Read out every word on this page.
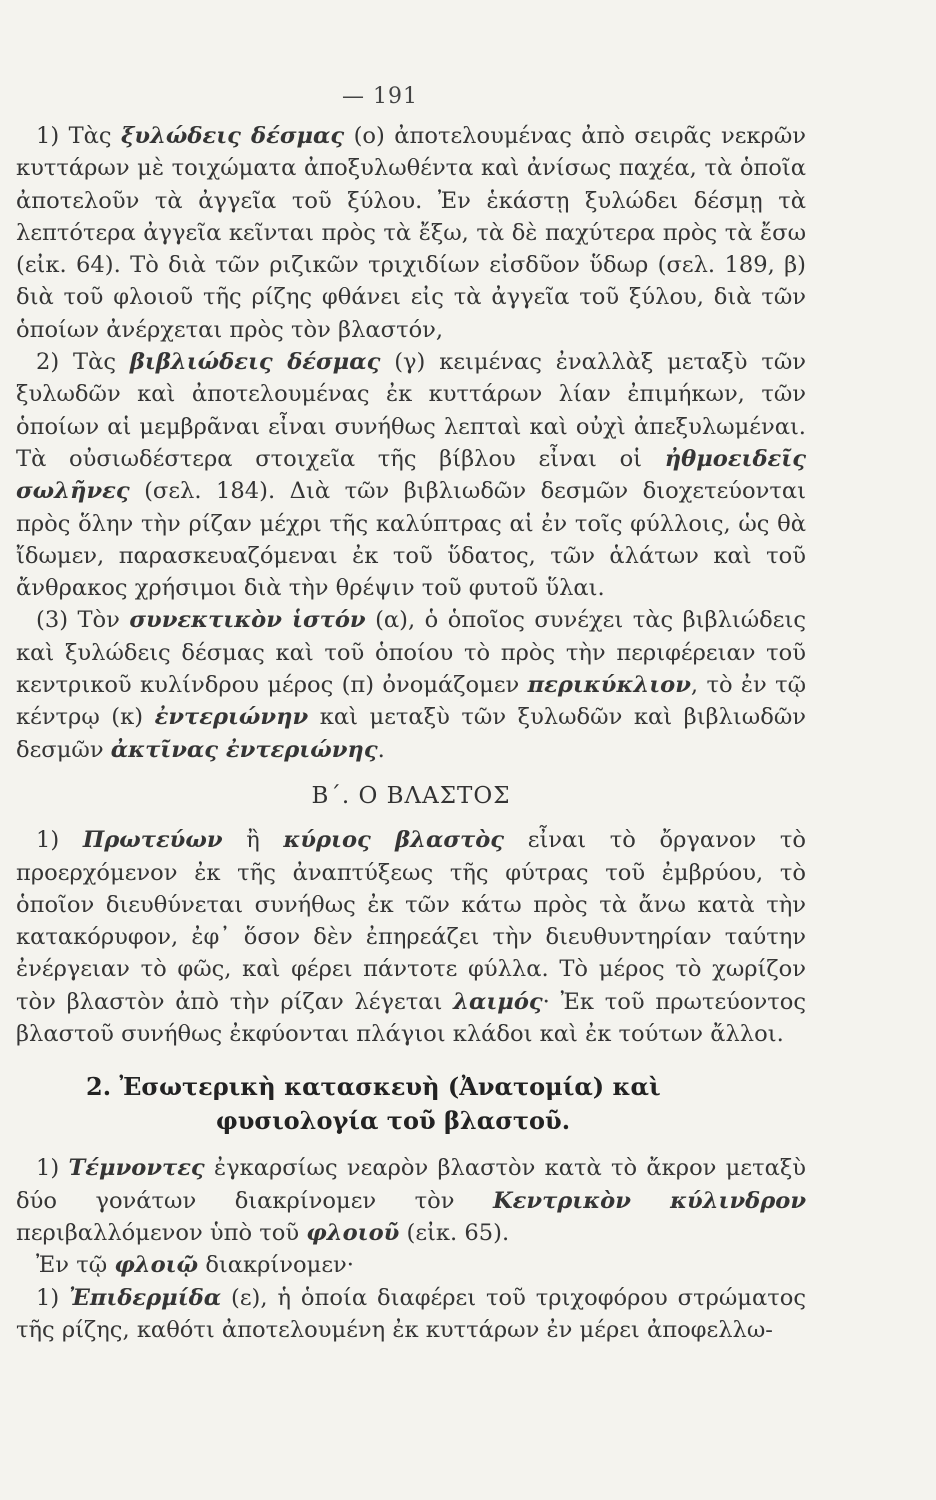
— 191

1) Τὰς ξυλώδεις δέσμας (ο) ἀποτελουμένας ἀπὸ σειρᾶς νεκρῶν κυττάρων μὲ τοιχώματα ἀποξυλωθέντα καὶ ἀνίσως παχέα, τὰ ὁποῖα ἀποτελοῦν τὰ ἀγγεῖα τοῦ ξύλου. Ἐν ἑκάστῃ ξυλώδει δέσμῃ τὰ λεπτότερα ἀγγεῖα κεῖνται πρὸς τὰ ἔξω, τὰ δὲ παχύτερα πρὸς τὰ ἔσω (εἰκ. 64). Τὸ διὰ τῶν ριζικῶν τριχιδίων εἰσδῦον ὕδωρ (σελ. 189, β) διὰ τοῦ φλοιοῦ τῆς ρίζης φθάνει εἰς τὰ ἀγγεῖα τοῦ ξύλου, διὰ τῶν ὁποίων ἀνέρχεται πρὸς τὸν βλαστόν,

2) Τὰς βιβλιώδεις δέσμας (γ) κειμένας ἐναλλὰξ μεταξὺ τῶν ξυλωδῶν καὶ ἀποτελουμένας ἐκ κυττάρων λίαν ἐπιμήκων, τῶν ὁποίων αἱ μεμβρᾶναι εἶναι συνήθως λεπταὶ καὶ οὐχὶ ἀπεξυλωμέναι. Τὰ οὐσιωδέστερα στοιχεῖα τῆς βίβλου εἶναι οἱ ἠθμοειδεῖς σωλῆνες (σελ. 184). Διὰ τῶν βιβλιωδῶν δεσμῶν διοχετεύονται πρὸς ὅλην τὴν ρίζαν μέχρι τῆς καλύπτρας αἱ ἐν τοῖς φύλλοις, ὡς θὰ ἴδωμεν, παρασκευαζόμεναι ἐκ τοῦ ὕδατος, τῶν ἁλάτων καὶ τοῦ ἄνθρακος χρήσιμοι διὰ τὴν θρέψιν τοῦ φυτοῦ ὕλαι.

(3) Τὸν συνεκτικὸν ἱστόν (α), ὁ ὁποῖος συνέχει τὰς βιβλιώδεις καὶ ξυλώδεις δέσμας καὶ τοῦ ὁποίου τὸ πρὸς τὴν περιφέρειαν τοῦ κεντρικοῦ κυλίνδρου μέρος (π) ὀνομάζομεν περικύκλιον, τὸ ἐν τῷ κέντρῳ (κ) ἐντεριώνην καὶ μεταξὺ τῶν ξυλωδῶν καὶ βιβλιωδῶν δεσμῶν ἀκτῖνας ἐντεριώνης.

Β΄. Ο ΒΛΑΣΤΟΣ

1) Πρωτεύων ἢ κύριος βλαστὸς εἶναι τὸ ὄργανον τὸ προερχόμενον ἐκ τῆς ἀναπτύξεως τῆς φύτρας τοῦ ἐμβρύου, τὸ ὁποῖον διευθύνεται συνήθως ἐκ τῶν κάτω πρὸς τὰ ἄνω κατὰ τὴν κατακόρυφον, ἐφ᾽ ὅσον δὲν ἐπηρεάζει τὴν διευθυντηρίαν ταύτην ἐνέργειαν τὸ φῶς, καὶ φέρει πάντοτε φύλλα. Τὸ μέρος τὸ χωρίζον τὸν βλαστὸν ἀπὸ τὴν ρίζαν λέγεται λαιμός· Ἐκ τοῦ πρωτεύοντος βλαστοῦ συνήθως ἐκφύονται πλάγιοι κλάδοι καὶ ἐκ τούτων ἄλλοι.

2. Ἐσωτερικὴ κατασκευὴ (Ἀνατομία) καὶ
φυσιολογία τοῦ βλαστοῦ.

1) Τέμνοντες ἐγκαρσίως νεαρὸν βλαστὸν κατὰ τὸ ἄκρον μεταξὺ δύο γονάτων διακρίνομεν τὸν Κεντρικὸν κύλινδρον περιβαλλόμενον ὑπὸ τοῦ φλοιοῦ (εἰκ. 65).

Ἐν τῷ φλοιῷ διακρίνομεν·

1) Ἐπιδερμίδα (ε), ἡ ὁποία διαφέρει τοῦ τριχοφόρου στρώματος τῆς ρίζης, καθότι ἀποτελουμένη ἐκ κυττάρων ἐν μέρει ἀποφελλω-
